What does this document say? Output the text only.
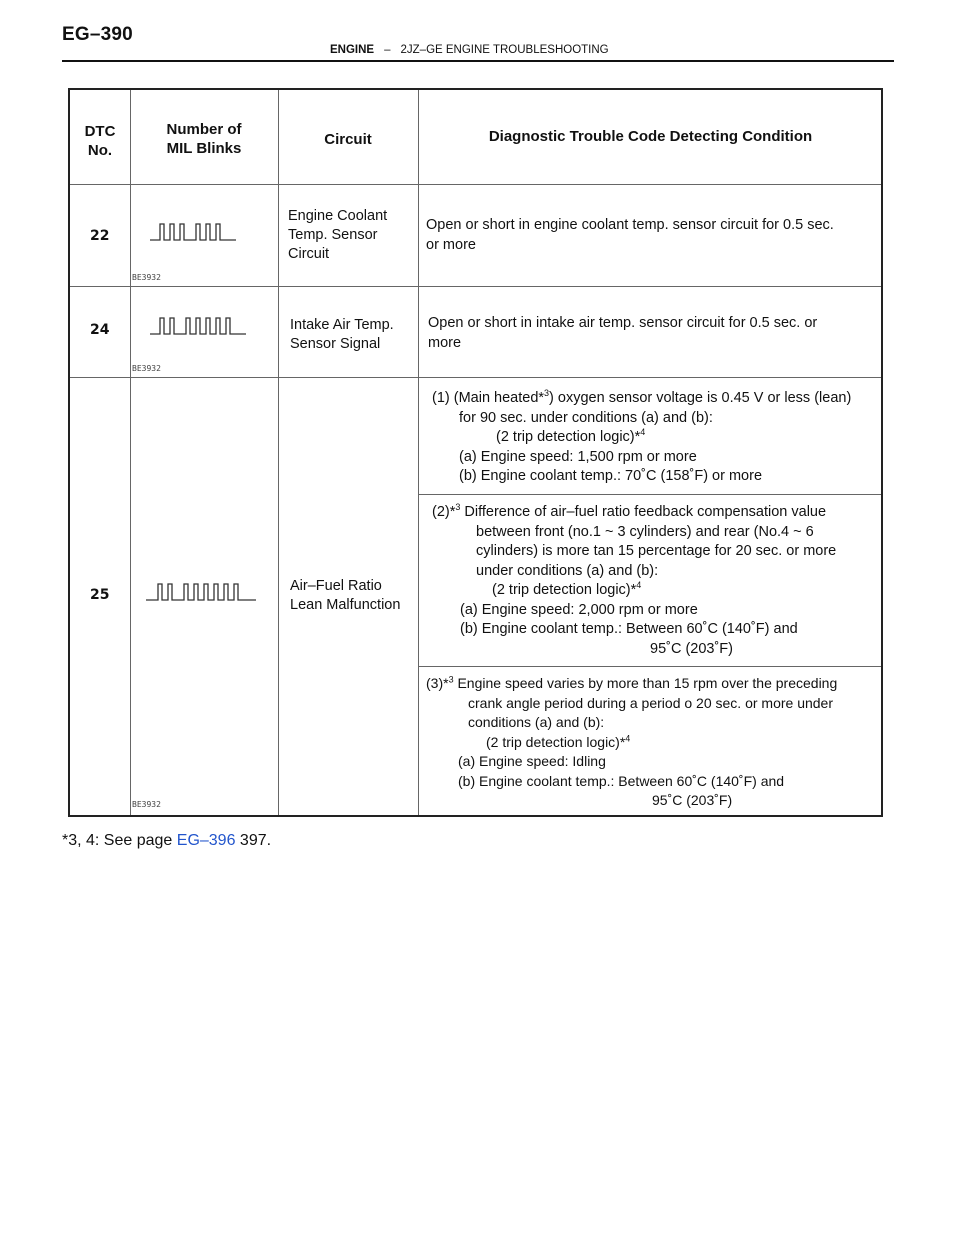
EG–390
ENGINE – 2JZ–GE ENGINE TROUBLESHOOTING
DTC
No.
Number of
MIL Blinks
Circuit	Diagnostic Trouble Code Detecting Condition
22
BE3932
Engine Coolant
Temp. Sensor
Circuit
Open or short in engine coolant temp. sensor circuit for 0.5 sec.
or more
24
BE3932
Intake Air Temp.
Sensor Signal
Open or short in intake air temp. sensor circuit for 0.5 sec. or
more
25
BE3932
Air–Fuel Ratio
Lean Malfunction
(1) (Main heated*$^3$) oxygen sensor voltage is 0.45 V or less (lean)
for 90 sec. under conditions (a) and (b):
(2 trip detection logic)*$^4$
(a) Engine speed: 1,500 rpm or more
(b) Engine coolant temp.: 70˚C (158˚F) or more
(2)*$^3$ Difference of air–fuel ratio feedback compensation value
between front (no.1 ~ 3 cylinders) and rear (No.4 ~ 6
cylinders) is more tan 15 percentage for 20 sec. or more
under conditions (a) and (b):
(2 trip detection logic)*$^4$
(a) Engine speed: 2,000 rpm or more
(b) Engine coolant temp.: Between 60˚C (140˚F) and
95˚C (203˚F)
(3)*$^3$ Engine speed varies by more than 15 rpm over the preceding
crank angle period during a period o 20 sec. or more under
conditions (a) and (b):
(2 trip detection logic)*$^4$
(a) Engine speed: Idling
(b) Engine coolant temp.: Between 60˚C (140˚F) and
95˚C (203˚F)
*3, 4: See page EG–396 397.
